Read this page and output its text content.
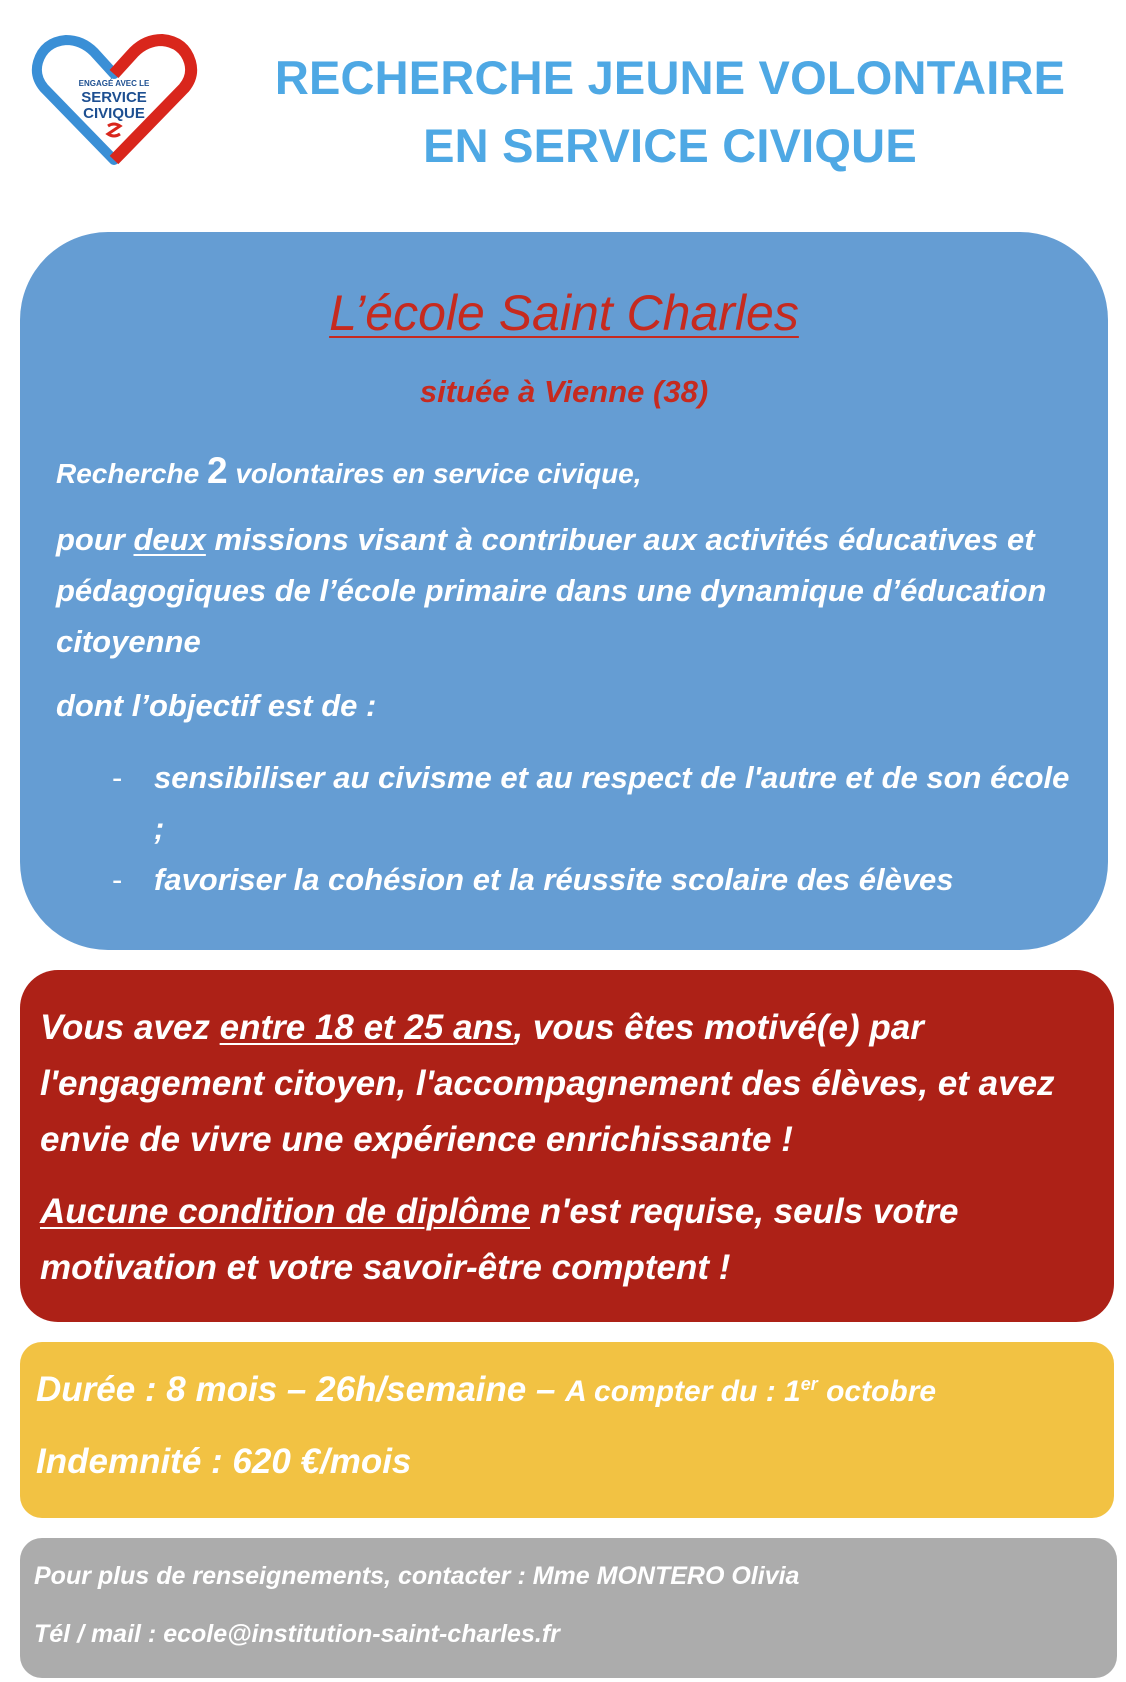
ENGAGÉ AVEC LE
SERVICE
CIVIQUE
RECHERCHE JEUNE VOLONTAIRE
EN SERVICE CIVIQUE
L’école Saint Charles
située à Vienne (38)
Recherche 2 volontaires en service civique,
pour deux missions visant à contribuer aux activités éducatives et pédagogiques de l’école primaire dans une dynamique d’éducation citoyenne
dont l’objectif est de :
- sensibiliser au civisme et au respect de l'autre et de son école ;
- favoriser la cohésion et la réussite scolaire des élèves
Vous avez entre 18 et 25 ans, vous êtes motivé(e) par l'engagement citoyen, l'accompagnement des élèves, et avez envie de vivre une expérience enrichissante !
Aucune condition de diplôme n'est requise, seuls votre motivation et votre savoir-être comptent !
Durée : 8 mois – 26h/semaine – A compter du : 1er octobre
Indemnité : 620 €/mois
Pour plus de renseignements, contacter : Mme MONTERO Olivia
Tél / mail : ecole@institution-saint-charles.fr
